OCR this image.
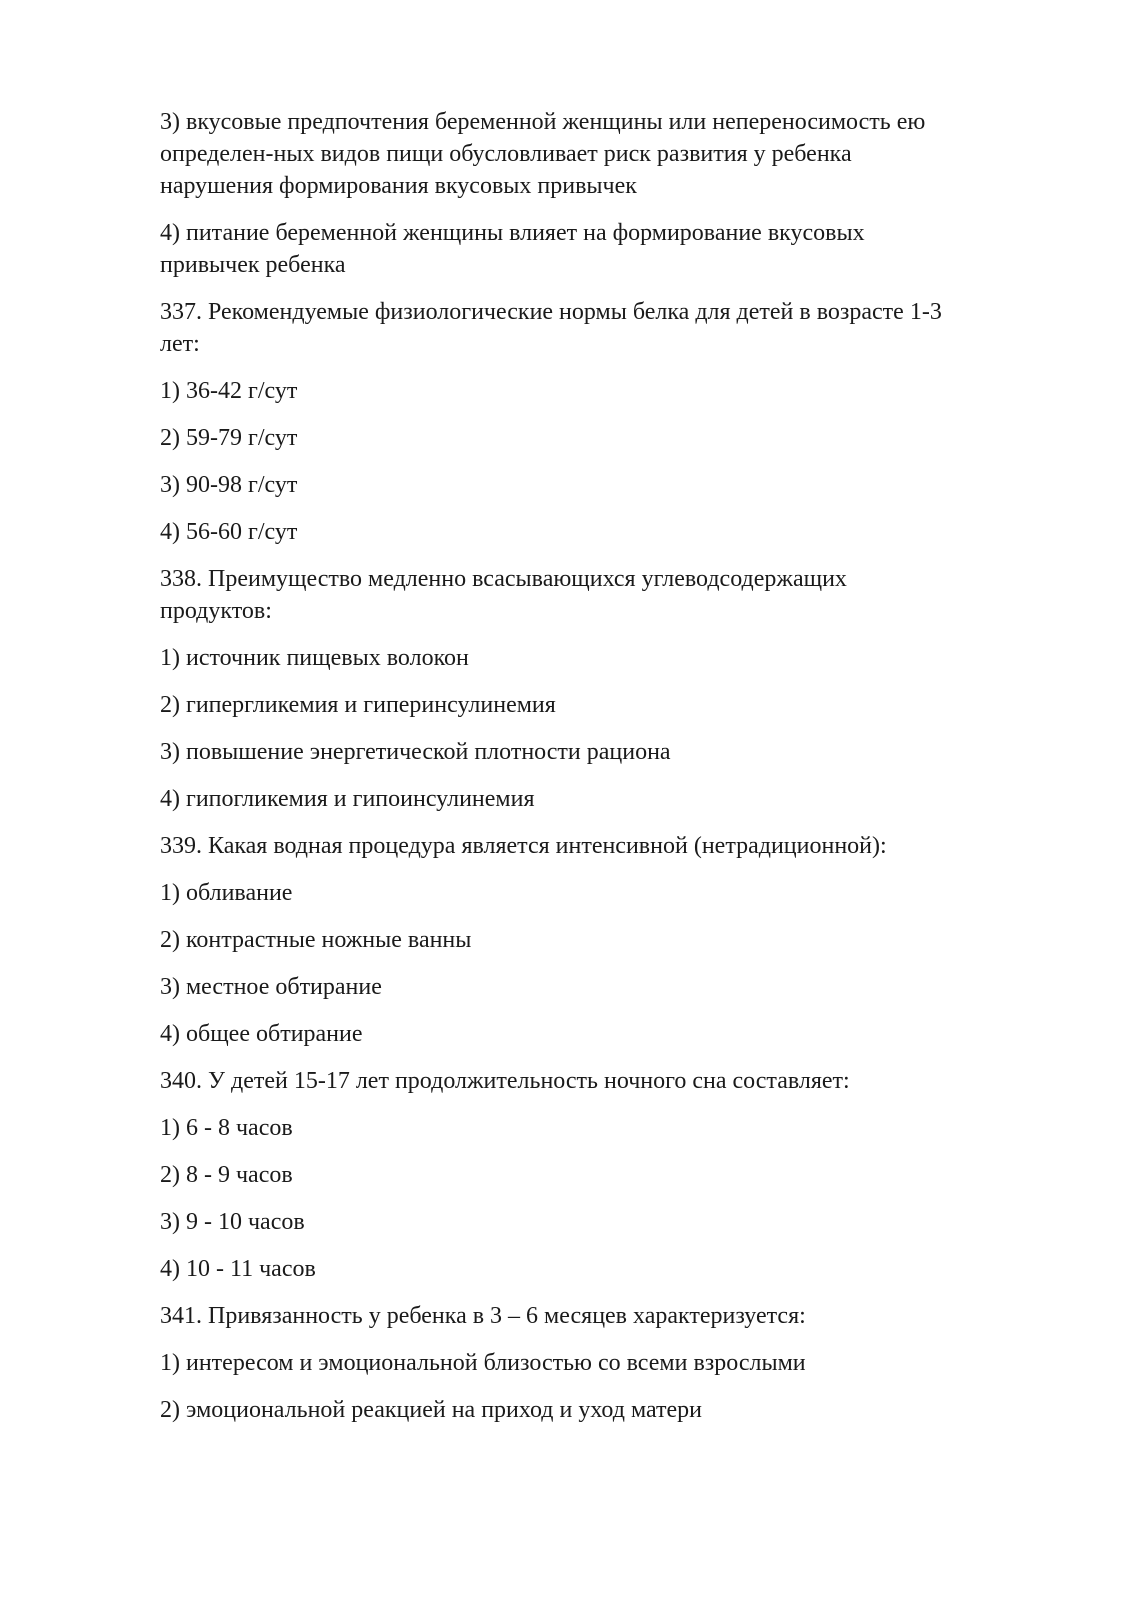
3) вкусовые предпочтения беременной женщины или непереносимость ею
определен-ных видов пищи обусловливает риск развития у ребенка
нарушения формирования вкусовых привычек

4) питание беременной женщины влияет на формирование вкусовых
привычек ребенка

337. Рекомендуемые физиологические нормы белка для детей в возрасте 1-3
лет:

1) 36-42 г/сут

2) 59-79 г/сут

3) 90-98 г/сут

4) 56-60 г/сут

338. Преимущество медленно всасывающихся углеводсодержащих
продуктов:

1) источник пищевых волокон

2) гипергликемия и гиперинсулинемия

3) повышение энергетической плотности рациона

4) гипогликемия и гипоинсулинемия

339. Какая водная процедура является интенсивной (нетрадиционной):

1) обливание

2) контрастные ножные ванны

3) местное обтирание

4) общее обтирание

340. У детей 15-17 лет продолжительность ночного сна составляет:

1) 6 - 8 часов

2) 8 - 9 часов

3) 9 - 10 часов

4) 10 - 11 часов

341. Привязанность у ребенка в 3 – 6 месяцев характеризуется:

1) интересом и эмоциональной близостью со всеми взрослыми

2) эмоциональной реакцией на приход и уход матери
